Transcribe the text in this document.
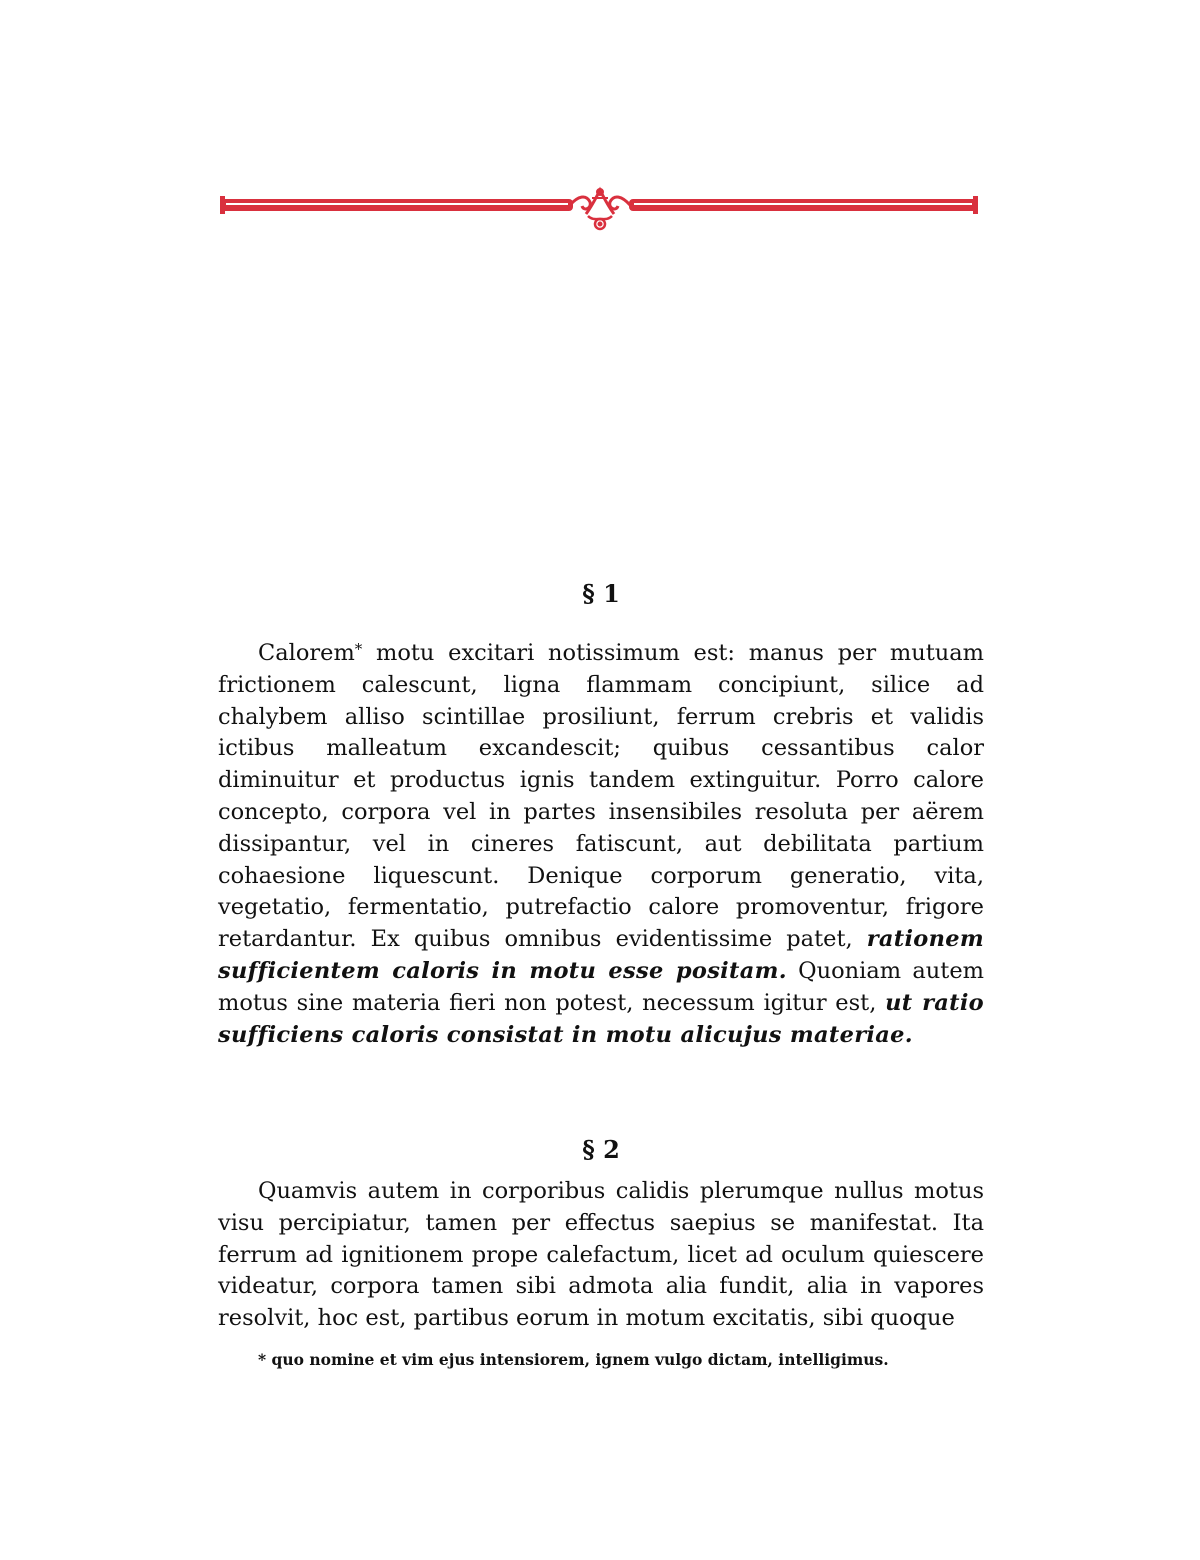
§ 1

Calorem* motu excitari notissimum est: manus per mutuam frictionem calescunt, ligna flammam concipiunt, silice ad chalybem alliso scintillae prosiliunt, ferrum crebris et validis ictibus malleatum excandescit; quibus cessantibus calor diminuitur et productus ignis tandem extinguitur. Porro calore concepto, corpora vel in partes insensibiles resoluta per aërem dissipantur, vel in cineres fatiscunt, aut debilitata partium cohaesione liquescunt. Denique corporum generatio, vita, vegetatio, fermentatio, putrefactio calore promoventur, frigore retardantur. Ex quibus omnibus evidentissime patet, rationem sufficientem caloris in motu esse positam. Quoniam autem motus sine materia fieri non potest, necessum igitur est, ut ratio sufficiens caloris consistat in motu alicujus materiae.

§ 2

Quamvis autem in corporibus calidis plerumque nullus motus visu percipiatur, tamen per effectus saepius se manifestat. Ita ferrum ad ignitionem prope calefactum, licet ad oculum quiescere videatur, corpora tamen sibi admota alia fundit, alia in vapores resolvit, hoc est, partibus eorum in motum excitatis, sibi quoque

* quo nomine et vim ejus intensiorem, ignem vulgo dictam, intelligimus.
